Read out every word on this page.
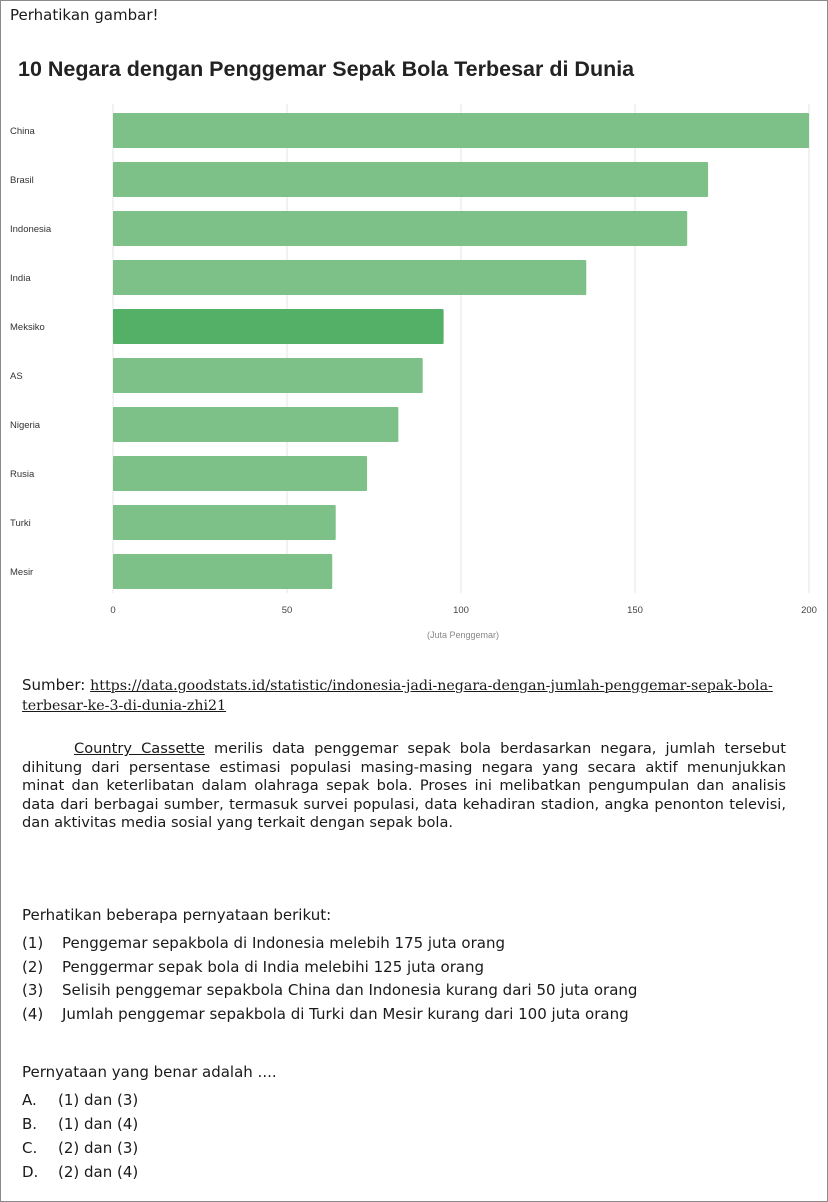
Perhatikan gambar!
10 Negara dengan Penggemar Sepak Bola Terbesar di Dunia
China
Brasil
Indonesia
India
Meksiko
AS
Nigeria
Rusia
Turki
Mesir
0	50	100	150	200
(Juta Penggemar)
Sumber: https://data.goodstats.id/statistic/indonesia-jadi-negara-dengan-jumlah-penggemar-sepak-bola-terbesar-ke-3-di-dunia-zhi21
Country Cassette merilis data penggemar sepak bola berdasarkan negara, jumlah tersebut dihitung dari persentase estimasi populasi masing-masing negara yang secara aktif menunjukkan minat dan keterlibatan dalam olahraga sepak bola. Proses ini melibatkan pengumpulan dan analisis data dari berbagai sumber, termasuk survei populasi, data kehadiran stadion, angka penonton televisi, dan aktivitas media sosial yang terkait dengan sepak bola.
Perhatikan beberapa pernyataan berikut:
(1) Penggemar sepakbola di Indonesia melebih 175 juta orang
(2) Penggermar sepak bola di India melebihi 125 juta orang
(3) Selisih penggemar sepakbola China dan Indonesia kurang dari 50 juta orang
(4) Jumlah penggemar sepakbola di Turki dan Mesir kurang dari 100 juta orang
Pernyataan yang benar adalah ....
A. (1) dan (3)
B. (1) dan (4)
C. (2) dan (3)
D. (2) dan (4)
